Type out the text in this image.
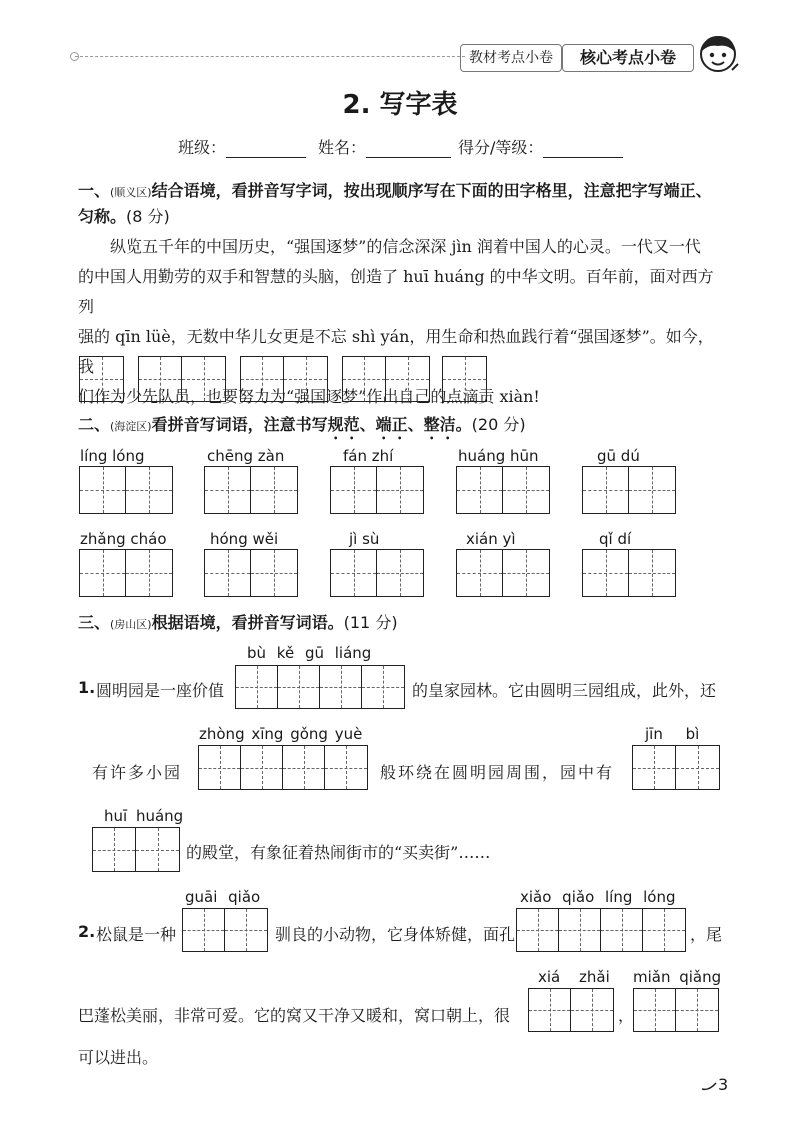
教材考点小卷	核心考点小卷
2. 写字表
班级：	姓名：	得分/等级：
一、(顺义区)结合语境，看拼音写字词，按出现顺序写在下面的田字格里，注意把字写端正、
匀称。(8 分)
纵览五千年的中国历史，“强国逐梦”的信念深深 jìn 润着中国人的心灵。一代又一代
的中国人用勤劳的双手和智慧的头脑，创造了 huī huáng 的中华文明。百年前，面对西方列
强的 qīn lüè，无数中华儿女更是不忘 shì yán，用生命和热血践行着“强国逐梦”。如今，我
们作为少先队员，也要努力为“强国逐梦”作出自己的点滴贡 xiàn!
二、(海淀区)看拼音写词语，注意书写规范、端正、整洁。(20 分)
líng lóng	chēng zàn	fán zhí	huáng hūn	gū dú
zhǎng cháo	hóng wěi	jì sù	xián yì	qǐ dí
三、(房山区)根据语境，看拼音写词语。(11 分)
bù kě gū liáng
1. 圆明园是一座价值	的皇家园林。它由圆明三园组成，此外，还
zhòng xīng gǒng yuè
有许多小园	般环绕在圆明园周围，园中有
jīn bì
huī huáng
的殿堂，有象征着热闹街市的“买卖街”……
guāi qiǎo
2. 松鼠是一种	驯良的小动物，它身体矫健，面孔
xiǎo qiǎo líng lóng
，尾
xiá zhǎi miǎn qiǎng
巴蓬松美丽，非常可爱。它的窝又干净又暖和，窝口朝上，很	，
可以进出。
3
